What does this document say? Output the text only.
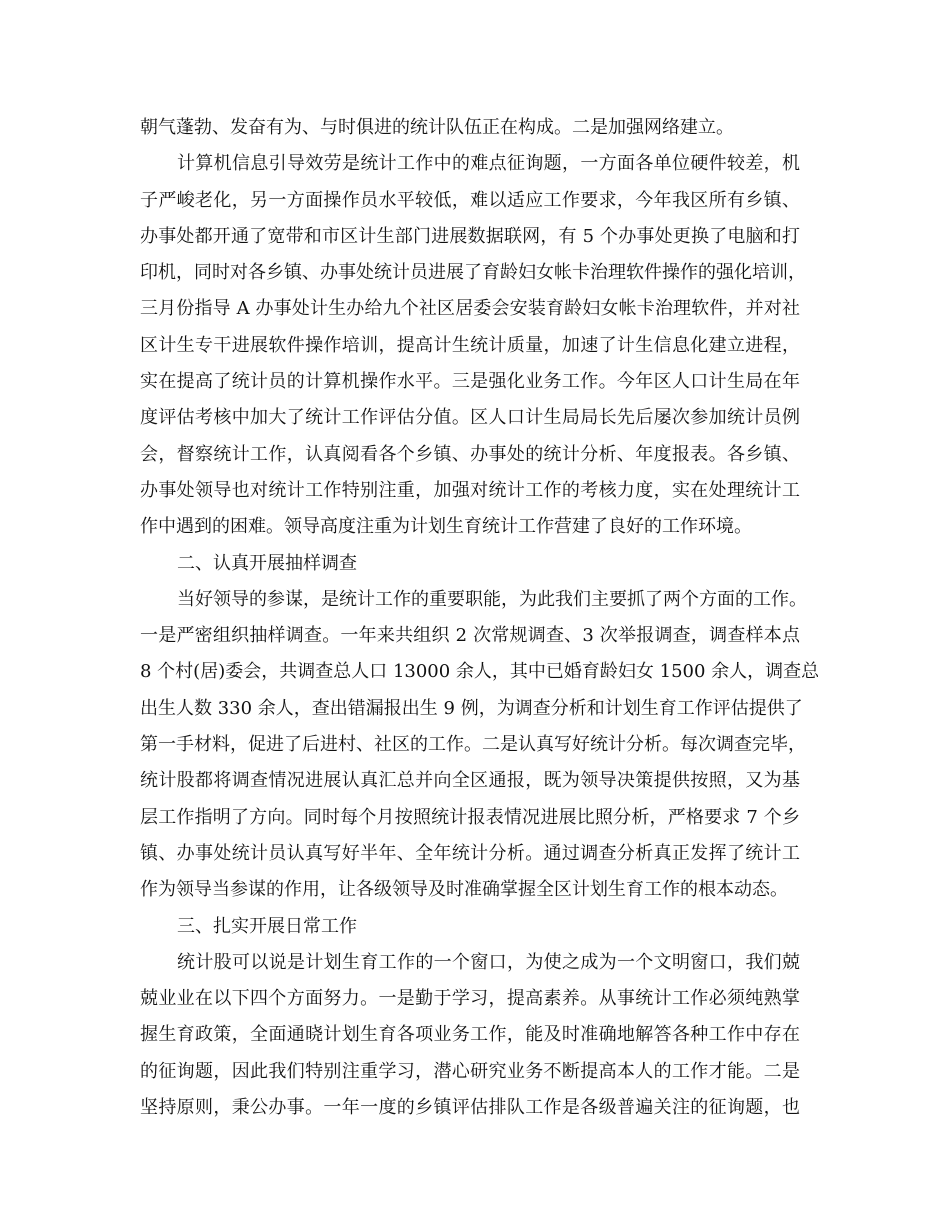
朝气蓬勃、发奋有为、与时俱进的统计队伍正在构成。二是加强网络建立。
计算机信息引导效劳是统计工作中的难点征询题，一方面各单位硬件较差，机
子严峻老化，另一方面操作员水平较低，难以适应工作要求，今年我区所有乡镇、
办事处都开通了宽带和市区计生部门进展数据联网，有 5 个办事处更换了电脑和打
印机，同时对各乡镇、办事处统计员进展了育龄妇女帐卡治理软件操作的强化培训，
三月份指导 A 办事处计生办给九个社区居委会安装育龄妇女帐卡治理软件，并对社
区计生专干进展软件操作培训，提高计生统计质量，加速了计生信息化建立进程，
实在提高了统计员的计算机操作水平。三是强化业务工作。今年区人口计生局在年
度评估考核中加大了统计工作评估分值。区人口计生局局长先后屡次参加统计员例
会，督察统计工作，认真阅看各个乡镇、办事处的统计分析、年度报表。各乡镇、
办事处领导也对统计工作特别注重，加强对统计工作的考核力度，实在处理统计工
作中遇到的困难。领导高度注重为计划生育统计工作营建了良好的工作环境。
二、认真开展抽样调查
当好领导的参谋，是统计工作的重要职能，为此我们主要抓了两个方面的工作。
一是严密组织抽样调查。一年来共组织 2 次常规调查、3 次举报调查，调查样本点
8 个村(居)委会，共调查总人口 13000 余人，其中已婚育龄妇女 1500 余人，调查总
出生人数 330 余人，查出错漏报出生 9 例，为调查分析和计划生育工作评估提供了
第一手材料，促进了后进村、社区的工作。二是认真写好统计分析。每次调查完毕，
统计股都将调查情况进展认真汇总并向全区通报，既为领导决策提供按照，又为基
层工作指明了方向。同时每个月按照统计报表情况进展比照分析，严格要求 7 个乡
镇、办事处统计员认真写好半年、全年统计分析。通过调查分析真正发挥了统计工
作为领导当参谋的作用，让各级领导及时准确掌握全区计划生育工作的根本动态。
三、扎实开展日常工作
统计股可以说是计划生育工作的一个窗口，为使之成为一个文明窗口，我们兢
兢业业在以下四个方面努力。一是勤于学习，提高素养。从事统计工作必须纯熟掌
握生育政策，全面通晓计划生育各项业务工作，能及时准确地解答各种工作中存在
的征询题，因此我们特别注重学习，潜心研究业务不断提高本人的工作才能。二是
坚持原则，秉公办事。一年一度的乡镇评估排队工作是各级普遍关注的征询题，也
